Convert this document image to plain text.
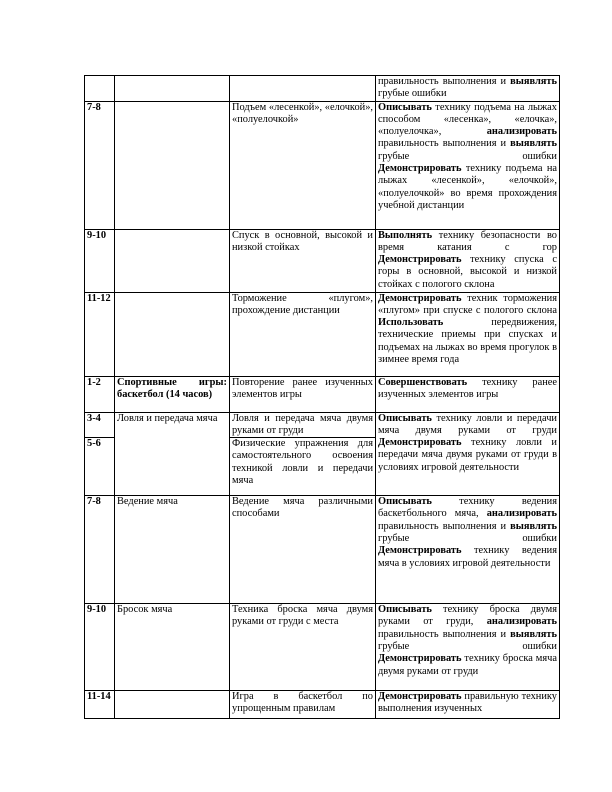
			правильность выполнения и выявлять грубые ошибки

7-8		Подъем «лесенкой», «елочкой», «полуелочкой»	Описывать технику подъема на лыжах способом «лесенка», «елочка», «полуелочка», анализировать правильность выполнения и выявлять грубые ошибки
Демонстрировать технику подъема на лыжах «лесенкой», «елочкой», «полуелочкой» во время прохождения учебной дистанции

9-10		Спуск в основной, высокой и низкой стойках	Выполнять технику безопасности во время катания с гор
Демонстрировать технику спуска с горы в основной, высокой и низкой стойках с пологого склона

11-12		Торможение «плугом», прохождение дистанции	Демонстрировать техник торможения «плугом» при спуске с пологого склона
Использовать передвижения, технические приемы при спусках и подъемах на лыжах во время прогулок в зимнее время года

1-2	Спортивные игры: баскетбол (14 часов)	Повторение ранее изученных элементов игры	Совершенствовать технику ранее изученных элементов игры

3-4	Ловля и передача мяча	Ловля и передача мяча двумя руками от груди	Описывать технику ловли и передачи мяча двумя руками от груди
Демонстрировать технику ловли и передачи мяча двумя руками от груди в условиях игровой деятельности

5-6		Физические упражнения для самостоятельного освоения техникой ловли и передачи мяча	
7-8	Ведение мяча	Ведение мяча различными способами	Описывать технику ведения баскетбольного мяча, анализировать правильность выполнения и выявлять грубые ошибки
Демонстрировать технику ведения мяча в условиях игровой деятельности

9-10	Бросок мяча	Техника броска мяча двумя руками от груди с места	Описывать технику броска двумя руками от груди, анализировать правильность выполнения и выявлять грубые ошибки
Демонстрировать технику броска мяча двумя руками от груди

11-14		Игра в баскетбол по упрощенным правилам	Демонстрировать правильную технику выполнения изученных
